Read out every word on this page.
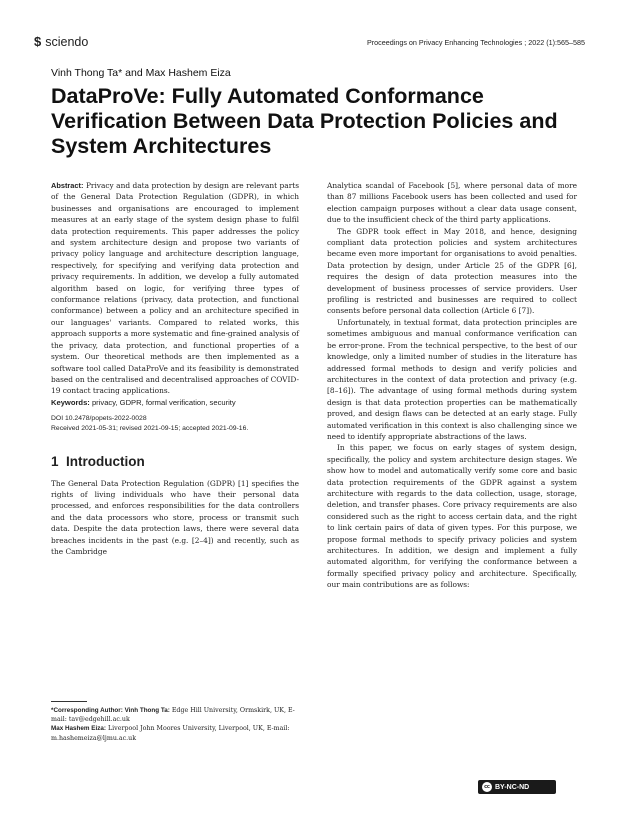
$ sciendo	Proceedings on Privacy Enhancing Technologies ; 2022 (1):565–585
Vinh Thong Ta* and Max Hashem Eiza
DataProVe: Fully Automated Conformance Verification Between Data Protection Policies and System Architectures

Abstract: Privacy and data protection by design are relevant parts of the General Data Protection Regulation (GDPR), in which businesses and organisations are encouraged to implement measures at an early stage of the system design phase to fulfil data protection requirements. This paper addresses the policy and system architecture design and propose two variants of privacy policy language and architecture description language, respectively, for specifying and verifying data protection and privacy requirements. In addition, we develop a fully automated algorithm based on logic, for verifying three types of conformance relations (privacy, data protection, and functional conformance) between a policy and an architecture specified in our languages' variants. Compared to related works, this approach supports a more systematic and fine-grained analysis of the privacy, data protection, and functional properties of a system. Our theoretical methods are then implemented as a software tool called DataProVe and its feasibility is demonstrated based on the centralised and decentralised approaches of COVID-19 contact tracing applications.

Keywords: privacy, GDPR, formal verification, security

DOI 10.2478/popets-2022-0028
Received 2021-05-31; revised 2021-09-15; accepted 2021-09-16.
1 Introduction

The General Data Protection Regulation (GDPR) [1] specifies the rights of living individuals who have their personal data processed, and enforces responsibilities for the data controllers and the data processors who store, process or transmit such data. Despite the data protection laws, there were several data breaches incidents in the past (e.g. [2–4]) and recently, such as the Cambridge

Analytica scandal of Facebook [5], where personal data of more than 87 millions Facebook users has been collected and used for election campaign purposes without a clear data usage consent, due to the insufficient check of the third party applications.

The GDPR took effect in May 2018, and hence, designing compliant data protection policies and system architectures became even more important for organisations to avoid penalties. Data protection by design, under Article 25 of the GDPR [6], requires the design of data protection measures into the development of business processes of service providers. User profiling is restricted and businesses are required to collect consents before personal data collection (Article 6 [7]).

Unfortunately, in textual format, data protection principles are sometimes ambiguous and manual conformance verification can be error-prone. From the technical perspective, to the best of our knowledge, only a limited number of studies in the literature has addressed formal methods to design and verify policies and architectures in the context of data protection and privacy (e.g. [8–16]). The advantage of using formal methods during system design is that data protection properties can be mathematically proved, and design flaws can be detected at an early stage. Fully automated verification in this context is also challenging since we need to identify appropriate abstractions of the laws.

In this paper, we focus on early stages of system design, specifically, the policy and system architecture design stages. We show how to model and automatically verify some core and basic data protection requirements of the GDPR against a system architecture with regards to the data collection, usage, storage, deletion, and transfer phases. Core privacy requirements are also considered such as the right to access certain data, and the right to link certain pairs of data of given types. For this purpose, we propose formal methods to specify privacy policies and system architectures. In addition, we design and implement a fully automated algorithm, for verifying the conformance between a formally specified privacy policy and architecture. Specifically, our main contributions are as follows:

*Corresponding Author: Vinh Thong Ta: Edge Hill University, Ormskirk, UK, E-mail: tav@edgehill.ac.uk
Max Hashem Eiza: Liverpool John Moores University, Liverpool, UK, E-mail: m.hashemeiza@ljmu.ac.uk
cc BY-NC-ND
